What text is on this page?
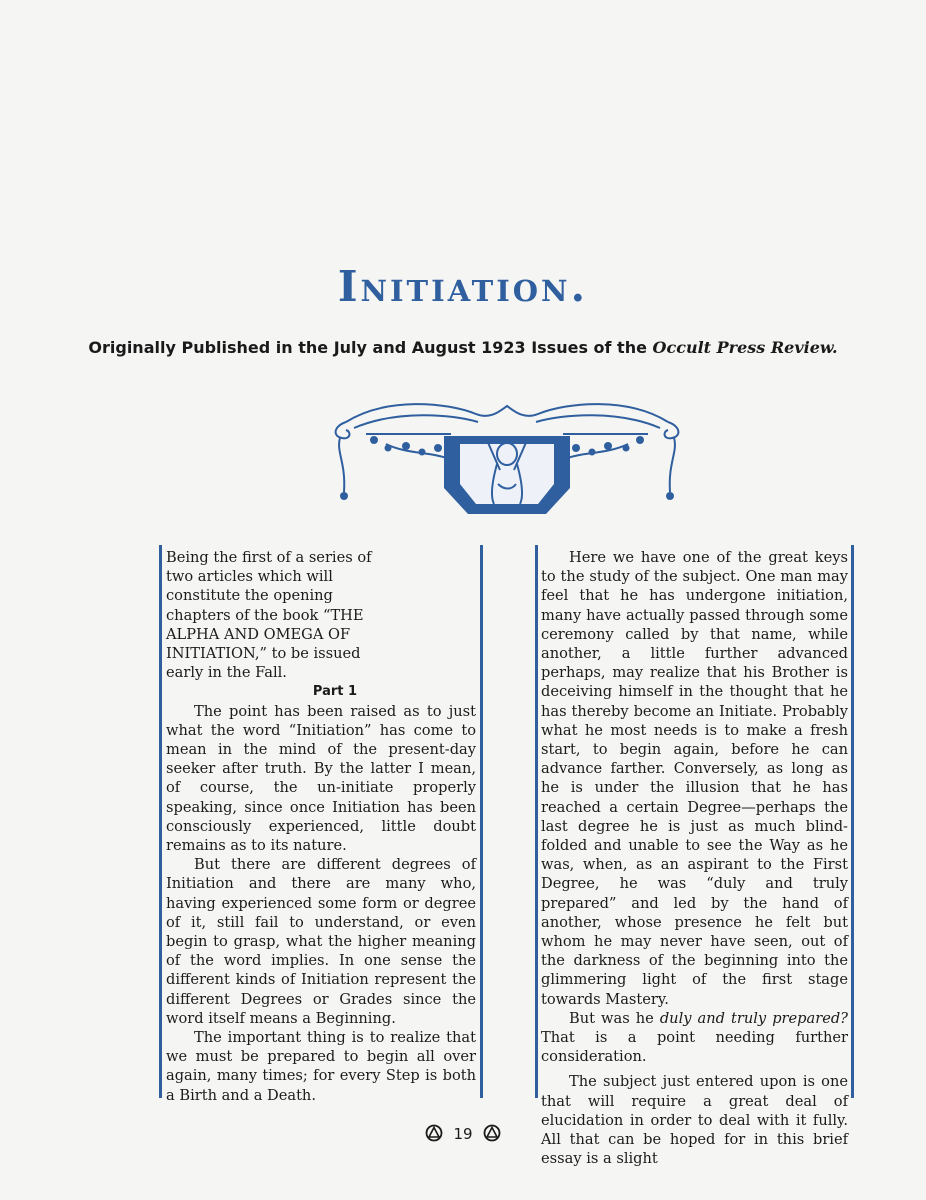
Initiation.
Originally Published in the July and August 1923 Issues of the Occult Press Review.

Being the first of a series of two articles which will constitute the opening chapters of the book “THE ALPHA AND OMEGA OF INITIATION,” to be issued early in the Fall.

Part 1

The point has been raised as to just what the word “Initiation” has come to mean in the mind of the present-day seeker after truth. By the latter I mean, of course, the un-initiate properly speaking, since once Initiation has been consciously experienced, little doubt remains as to its nature.

But there are different degrees of Initiation and there are many who, having experienced some form or degree of it, still fail to understand, or even begin to grasp, what the higher meaning of the word implies. In one sense the different kinds of Initiation represent the different Degrees or Grades since the word itself means a Beginning.

The important thing is to realize that we must be prepared to begin all over again, many times; for every Step is both a Birth and a Death.

Here we have one of the great keys to the study of the subject. One man may feel that he has undergone initiation, many have actually passed through some ceremony called by that name, while another, a little further advanced perhaps, may realize that his Brother is deceiving himself in the thought that he has thereby become an Initiate. Probably what he most needs is to make a fresh start, to begin again, before he can advance farther. Conversely, as long as he is under the illusion that he has reached a certain Degree—perhaps the last degree he is just as much blind-folded and unable to see the Way as he was, when, as an aspirant to the First Degree, he was “duly and truly prepared” and led by the hand of another, whose presence he felt but whom he may never have seen, out of the darkness of the beginning into the glimmering light of the first stage towards Mastery.

But was he duly and truly prepared? That is a point needing further consideration.

The subject just entered upon is one that will require a great deal of elucidation in order to deal with it fully. All that can be hoped for in this brief essay is a slight

19
